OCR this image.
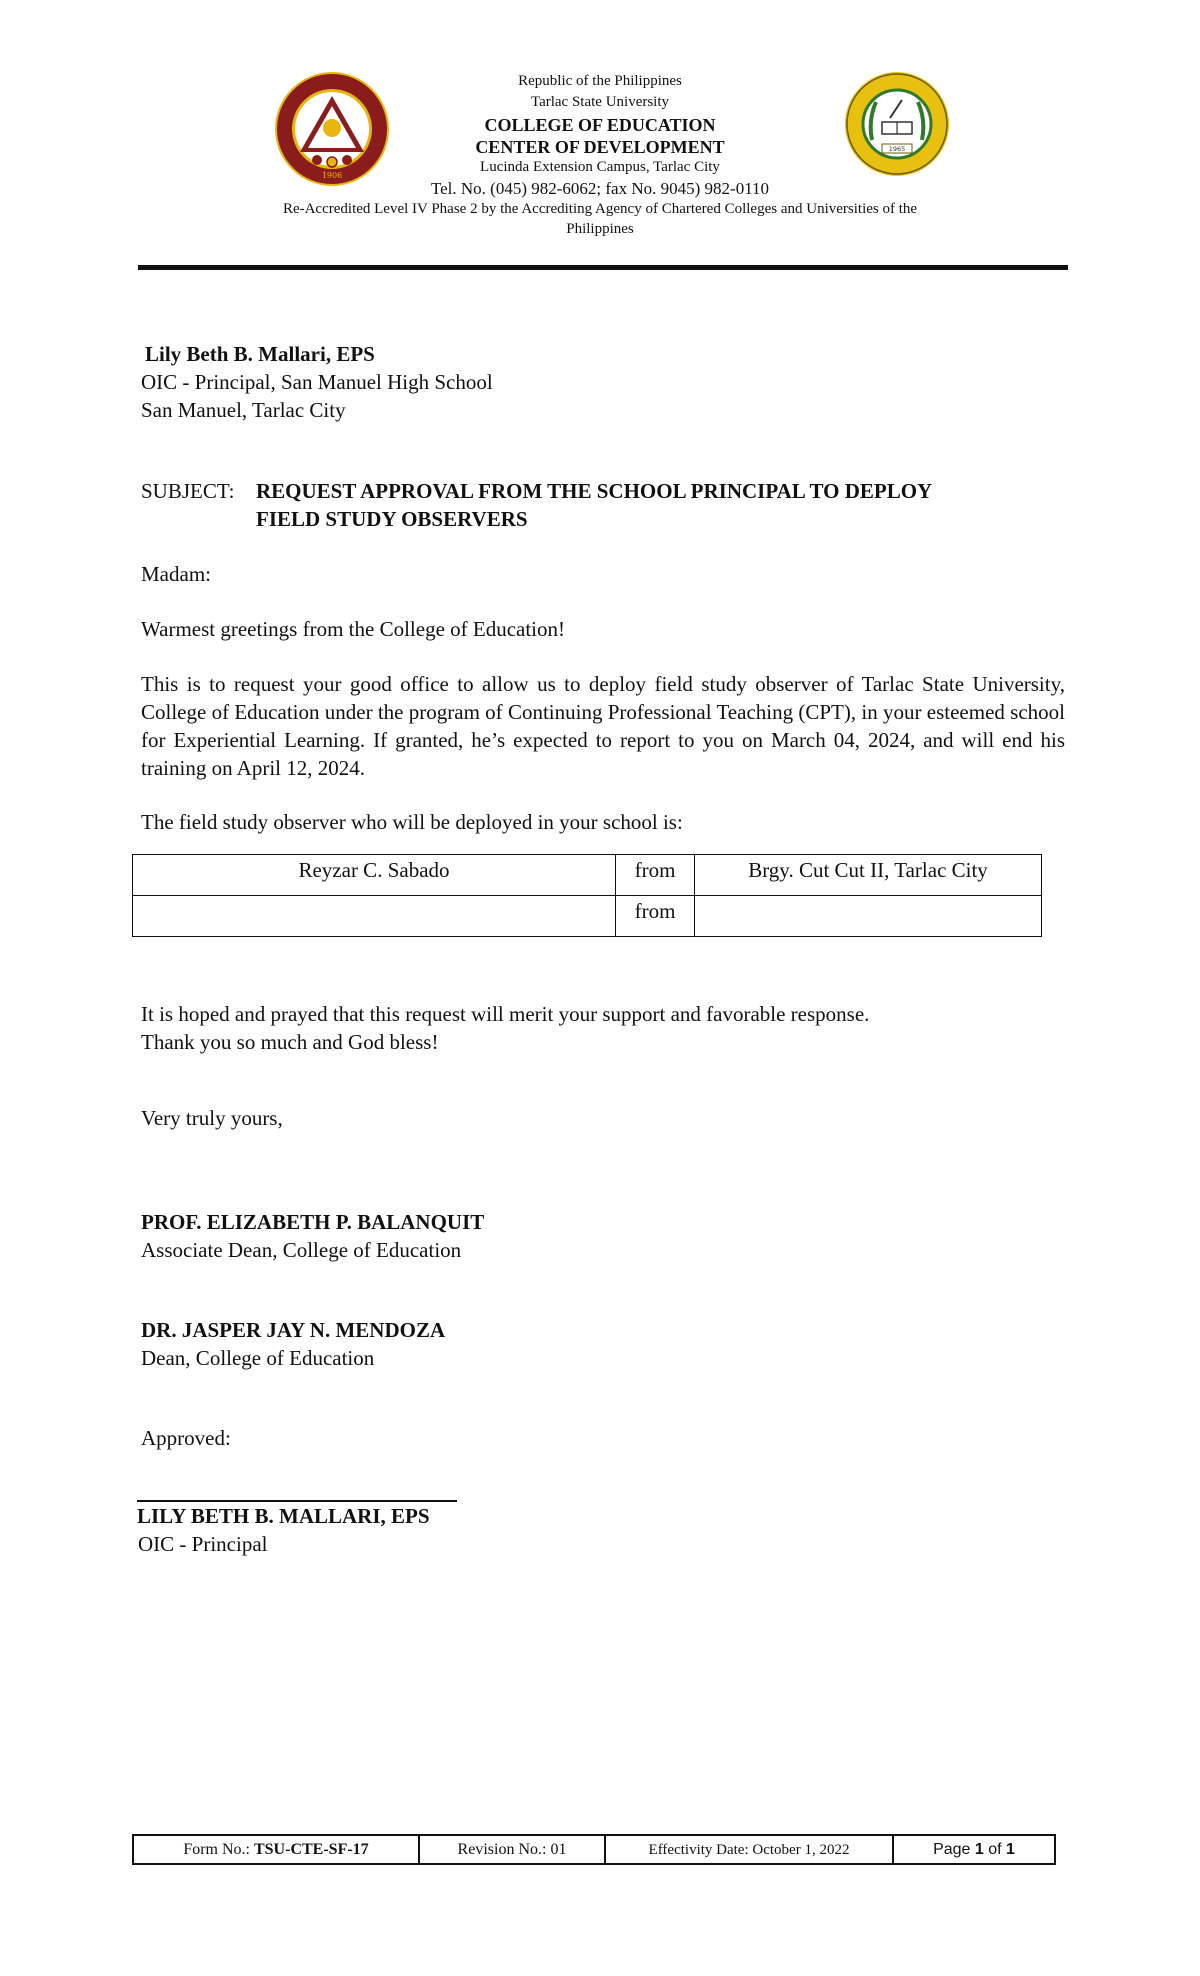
1906
1965
Republic of the Philippines
Tarlac State University
COLLEGE OF EDUCATION
CENTER OF DEVELOPMENT
Lucinda Extension Campus, Tarlac City
Tel. No. (045) 982-6062; fax No. 9045) 982-0110
Re-Accredited Level IV Phase 2 by the Accrediting Agency of Chartered Colleges and Universities of the
Philippines
Lily Beth B. Mallari, EPS
OIC - Principal, San Manuel High School
San Manuel, Tarlac City
SUBJECT: REQUEST APPROVAL FROM THE SCHOOL PRINCIPAL TO DEPLOY
FIELD STUDY OBSERVERS
Madam:
Warmest greetings from the College of Education!
This is to request your good office to allow us to deploy field study observer of Tarlac State University, College of Education under the program of Continuing Professional Teaching (CPT), in your esteemed school for Experiential Learning. If granted, he’s expected to report to you on March 04, 2024, and will end his training on April 12, 2024.
The field study observer who will be deployed in your school is:
Reyzar C. Sabado	from	Brgy. Cut Cut II, Tarlac City
	from	
It is hoped and prayed that this request will merit your support and favorable response.
Thank you so much and God bless!
Very truly yours,
PROF. ELIZABETH P. BALANQUIT
Associate Dean, College of Education
DR. JASPER JAY N. MENDOZA
Dean, College of Education
Approved:
LILY BETH B. MALLARI, EPS
OIC - Principal
Form No.: TSU-CTE-SF-17	Revision No.: 01	Effectivity Date: October 1, 2022	Page 1 of 1
